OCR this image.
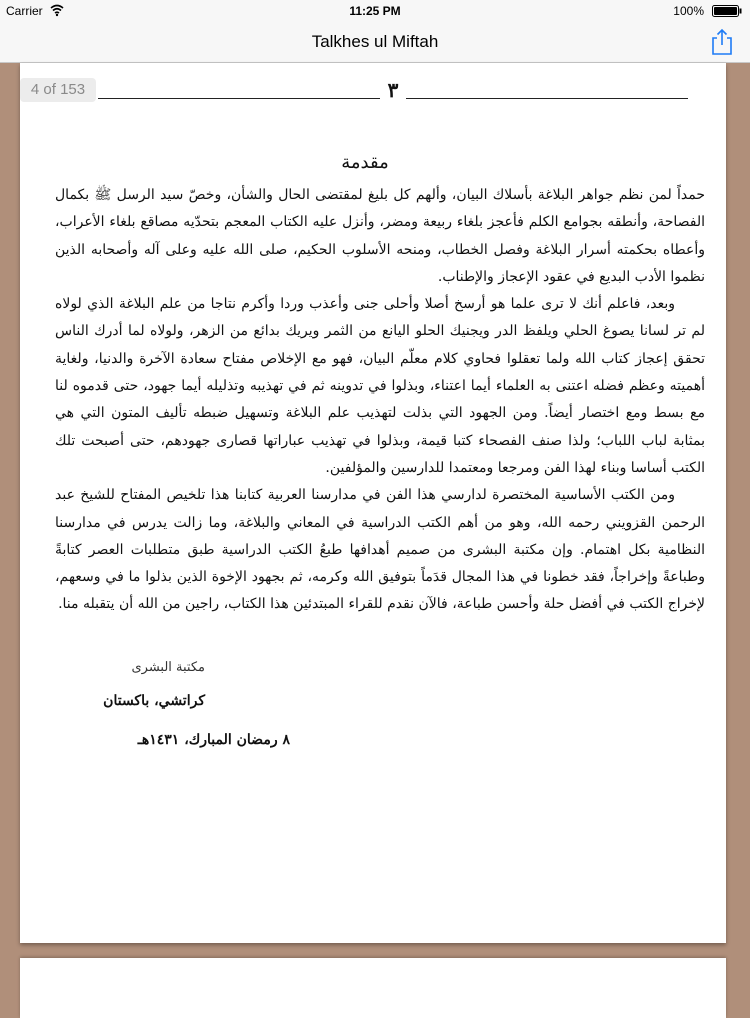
Carrier	11:25 PM	100%
Talkhes ul Miftah
4 of 153	٣
مقدمة

حمداً لمن نظم جواهر البلاغة بأسلاك البيان، وألهم كل بليغ لمقتضى الحال والشأن، وخصّ سيد الرسل ﷺ بكمال الفصاحة، وأنطقه بجوامع الكلم فأعجز بلغاء ربيعة ومضر، وأنزل عليه الكتاب المعجم بتحدّيه مصاقع بلغاء الأعراب، وأعطاه بحكمته أسرار البلاغة وفصل الخطاب، ومنحه الأسلوب الحكيم، صلى الله عليه وعلى آله وأصحابه الذين نظموا الأدب البديع في عقود الإعجاز والإطناب.

وبعد، فاعلم أنك لا ترى علما هو أرسخ أصلا وأحلى جنى وأعذب وردا وأكرم نتاجا من علم البلاغة الذي لولاه لم تر لسانا يصوغ الحلي ويلفظ الدر ويجنيك الحلو اليانع من الثمر ويريك بدائع من الزهر، ولولاه لما أدرك الناس تحقق إعجاز كتاب الله ولما تعقلوا فحاوي كلام معلّم البيان، فهو مع الإخلاص مفتاح سعادة الآخرة والدنيا، ولغاية أهميته وعظم فضله اعتنى به العلماء أيما اعتناء، وبذلوا في تدوينه ثم في تهذيبه وتذليله أيما جهود، حتى قدموه لنا مع بسط ومع اختصار أيضاً. ومن الجهود التي بذلت لتهذيب علم البلاغة وتسهيل ضبطه تأليف المتون التي هي بمثابة لباب اللباب؛ ولذا صنف الفصحاء كتبا قيمة، وبذلوا في تهذيب عباراتها قصارى جهودهم، حتى أصبحت تلك الكتب أساسا وبناء لهذا الفن ومرجعا ومعتمدا للدارسين والمؤلفين.

ومن الكتب الأساسية المختصرة لدارسي هذا الفن في مدارسنا العربية كتابنا هذا تلخيص المفتاح للشيخ عبد الرحمن القزويني رحمه الله، وهو من أهم الكتب الدراسية في المعاني والبلاغة، وما زالت يدرس في مدارسنا النظامية بكل اهتمام. وإن مكتبة البشرى من صميم أهدافها طبعُ الكتب الدراسية طبق متطلبات العصر كتابةً وطباعةً وإخراجاً، فقد خطونا في هذا المجال قدَماً بتوفيق الله وكرمه، ثم بجهود الإخوة الذين بذلوا ما في وسعهم، لإخراج الكتب في أفضل حلة وأحسن طباعة، فالآن نقدم للقراء المبتدئين هذا الكتاب، راجين من الله أن يتقبله منا.

مكتبة البشرى
كراتشي، باكستان
٨ رمضان المبارك، ١٤٣١هـ
